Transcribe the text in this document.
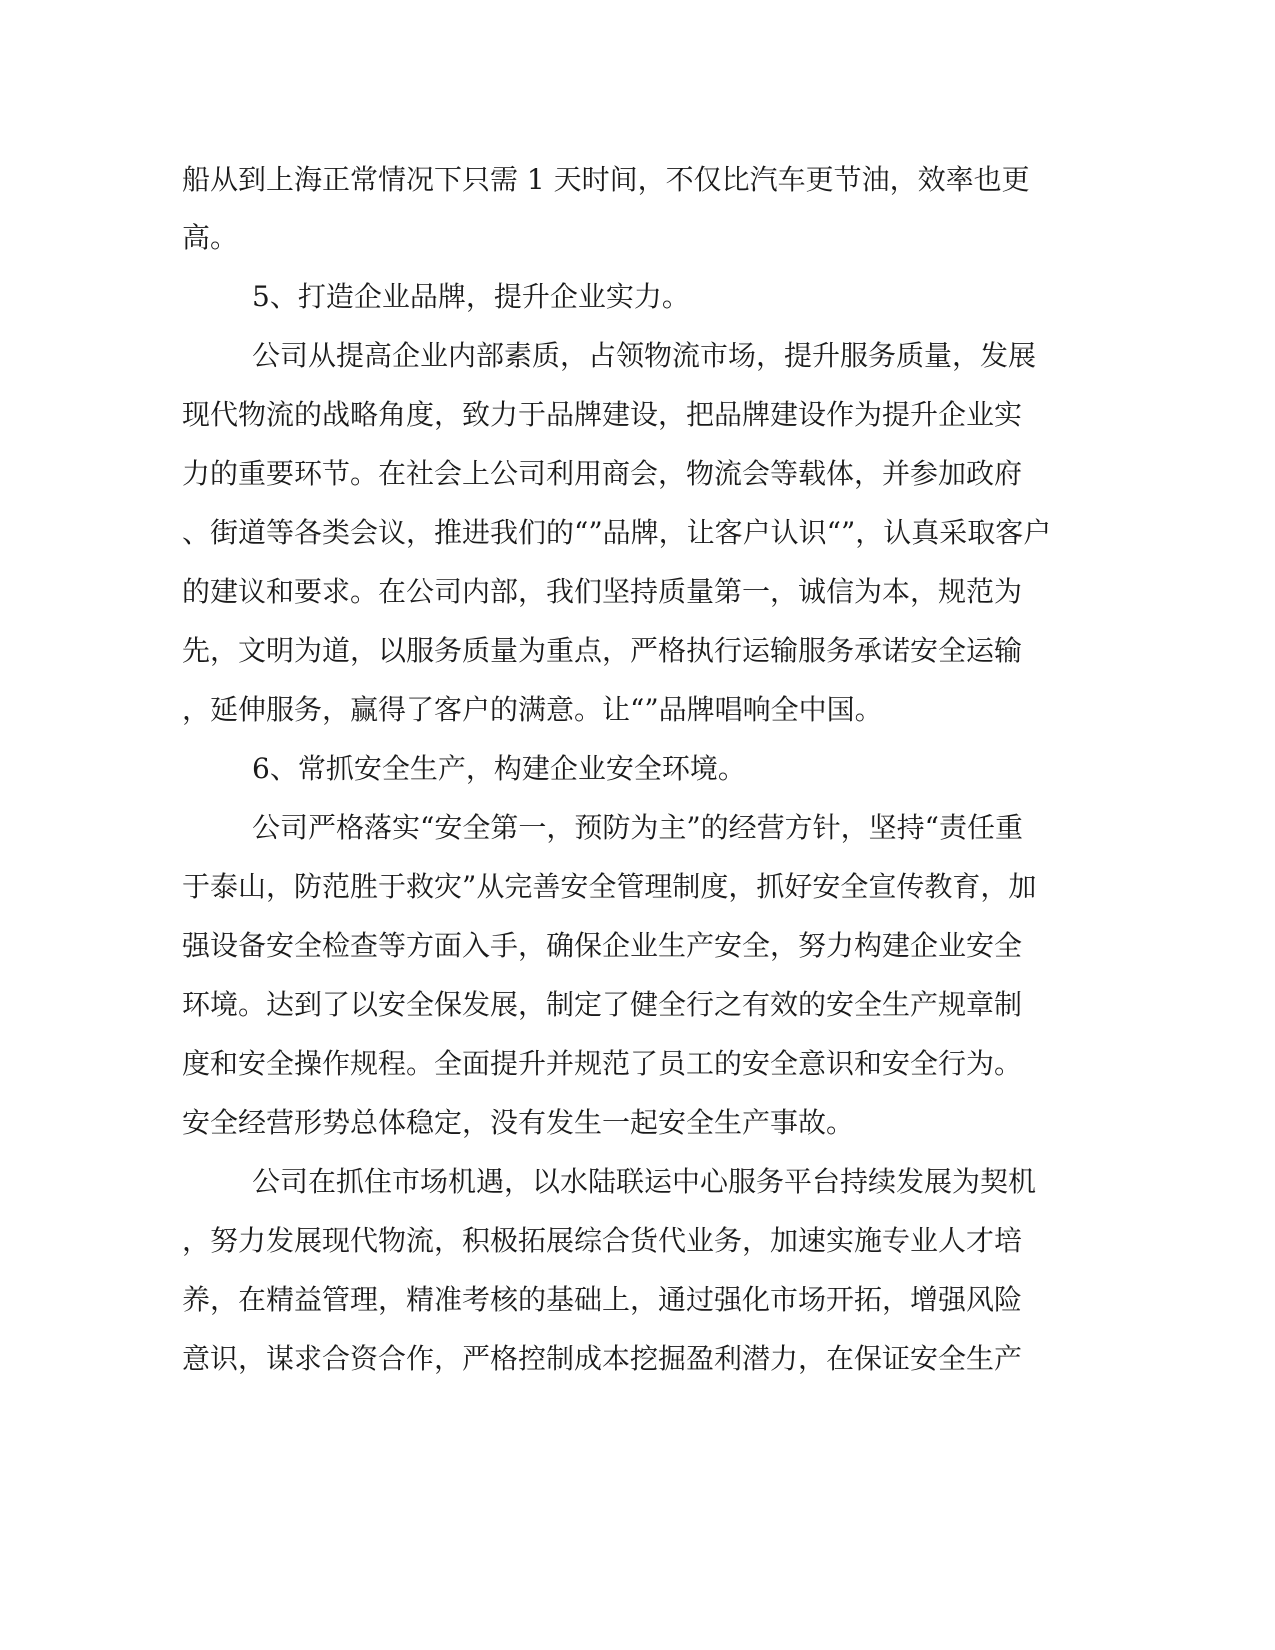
船从到上海正常情况下只需 1 天时间，不仅比汽车更节油，效率也更

高。

5、打造企业品牌，提升企业实力。

公司从提高企业内部素质，占领物流市场，提升服务质量，发展

现代物流的战略角度，致力于品牌建设，把品牌建设作为提升企业实

力的重要环节。在社会上公司利用商会，物流会等载体，并参加政府

、街道等各类会议，推进我们的“”品牌，让客户认识“”，认真采取客户

的建议和要求。在公司内部，我们坚持质量第一，诚信为本，规范为

先，文明为道，以服务质量为重点，严格执行运输服务承诺安全运输

，延伸服务，赢得了客户的满意。让“”品牌唱响全中国。

6、常抓安全生产，构建企业安全环境。

公司严格落实“安全第一，预防为主”的经营方针，坚持“责任重

于泰山，防范胜于救灾”从完善安全管理制度，抓好安全宣传教育，加

强设备安全检查等方面入手，确保企业生产安全，努力构建企业安全

环境。达到了以安全保发展，制定了健全行之有效的安全生产规章制

度和安全操作规程。全面提升并规范了员工的安全意识和安全行为。

安全经营形势总体稳定，没有发生一起安全生产事故。

公司在抓住市场机遇，以水陆联运中心服务平台持续发展为契机

，努力发展现代物流，积极拓展综合货代业务，加速实施专业人才培

养，在精益管理，精准考核的基础上，通过强化市场开拓，增强风险

意识，谋求合资合作，严格控制成本挖掘盈利潜力，在保证安全生产
